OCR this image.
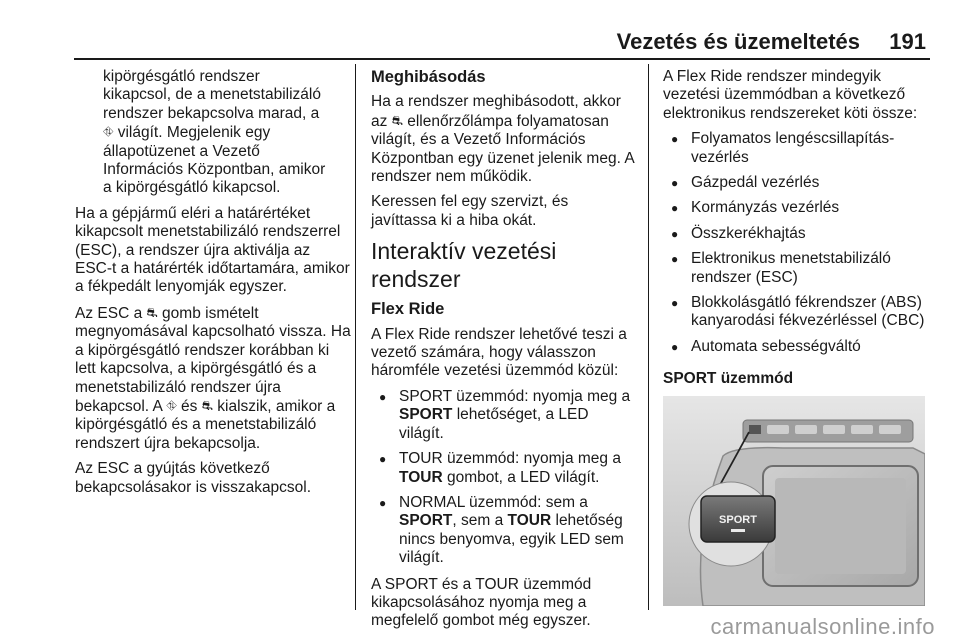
Vezetés és üzemeltetés	191

kipörgésgátló rendszer
kikapcsol, de a menetstabilizáló
rendszer bekapcsolva marad, a
⛗ világít. Megjelenik egy
állapotüzenet a Vezető
Információs Központban, amikor
a kipörgésgátló kikapcsol.

Ha a gépjármű eléri a határértéket kikapcsolt menetstabilizáló rendszerrel (ESC), a rendszer újra aktiválja az ESC-t a határérték időtartamára, amikor a fékpedált lenyomják egyszer.

Az ESC a ⛐ gomb ismételt megnyomásával kapcsolható vissza. Ha a kipörgésgátló rendszer korábban ki lett kapcsolva, a kipörgésgátló és a menetstabilizáló rendszer újra bekapcsol. A ⛗ és ⛐ kialszik, amikor a kipörgésgátló és a menetstabilizáló rendszert újra bekapcsolja.

Az ESC a gyújtás következő bekapcsolásakor is visszakapcsol.

Meghibásodás

Ha a rendszer meghibásodott, akkor az ⛐ ellenőrzőlámpa folyamatosan világít, és a Vezető Információs Központban egy üzenet jelenik meg. A rendszer nem működik.

Keressen fel egy szervizt, és javíttassa ki a hiba okát.

Interaktív vezetési rendszer

Flex Ride

A Flex Ride rendszer lehetővé teszi a vezető számára, hogy válasszon háromféle vezetési üzemmód közül:

● SPORT üzemmód: nyomja meg a SPORT lehetőséget, a LED világít.
● TOUR üzemmód: nyomja meg a TOUR gombot, a LED világít.
● NORMAL üzemmód: sem a SPORT, sem a TOUR lehetőség nincs benyomva, egyik LED sem világít.

A SPORT és a TOUR üzemmód kikapcsolásához nyomja meg a megfelelő gombot még egyszer.

A Flex Ride rendszer mindegyik vezetési üzemmódban a következő elektronikus rendszereket köti össze:

● Folyamatos lengéscsillapítás-vezérlés
● Gázpedál vezérlés
● Kormányzás vezérlés
● Összkerékhajtás
● Elektronikus menetstabilizáló rendszer (ESC)
● Blokkolásgátló fékrendszer (ABS) kanyarodási fékvezérléssel (CBC)
● Automata sebességváltó

SPORT üzemmód

SPORT
carmanualsonline.info
